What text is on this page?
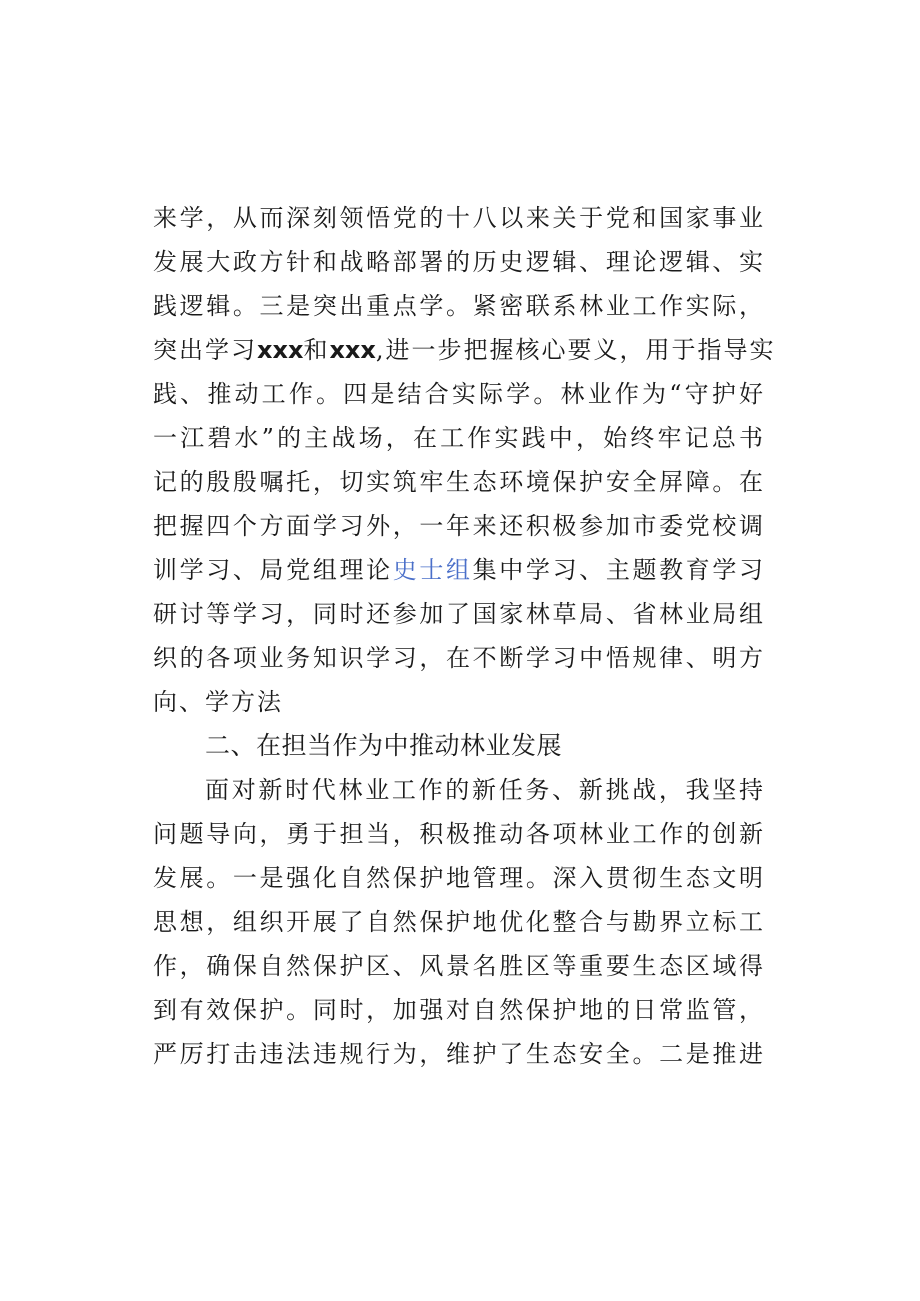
来学，从而深刻领悟党的十八以来关于党和国家事业
发展大政方针和战略部署的历史逻辑、理论逻辑、实
践逻辑。三是突出重点学。紧密联系林业工作实际，
突出学习xxx和xxx,进一步把握核心要义，用于指导实
践、推动工作。四是结合实际学。林业作为“守护好
一江碧水”的主战场，在工作实践中，始终牢记总书
记的殷殷嘱托，切实筑牢生态环境保护安全屏障。在
把握四个方面学习外，一年来还积极参加市委党校调
训学习、局党组理论史士组集中学习、主题教育学习
研讨等学习，同时还参加了国家林草局、省林业局组
织的各项业务知识学习，在不断学习中悟规律、明方
向、学方法
二、在担当作为中推动林业发展
面对新时代林业工作的新任务、新挑战，我坚持
问题导向，勇于担当，积极推动各项林业工作的创新
发展。一是强化自然保护地管理。深入贯彻生态文明
思想，组织开展了自然保护地优化整合与勘界立标工
作，确保自然保护区、风景名胜区等重要生态区域得
到有效保护。同时，加强对自然保护地的日常监管，
严厉打击违法违规行为，维护了生态安全。二是推进
